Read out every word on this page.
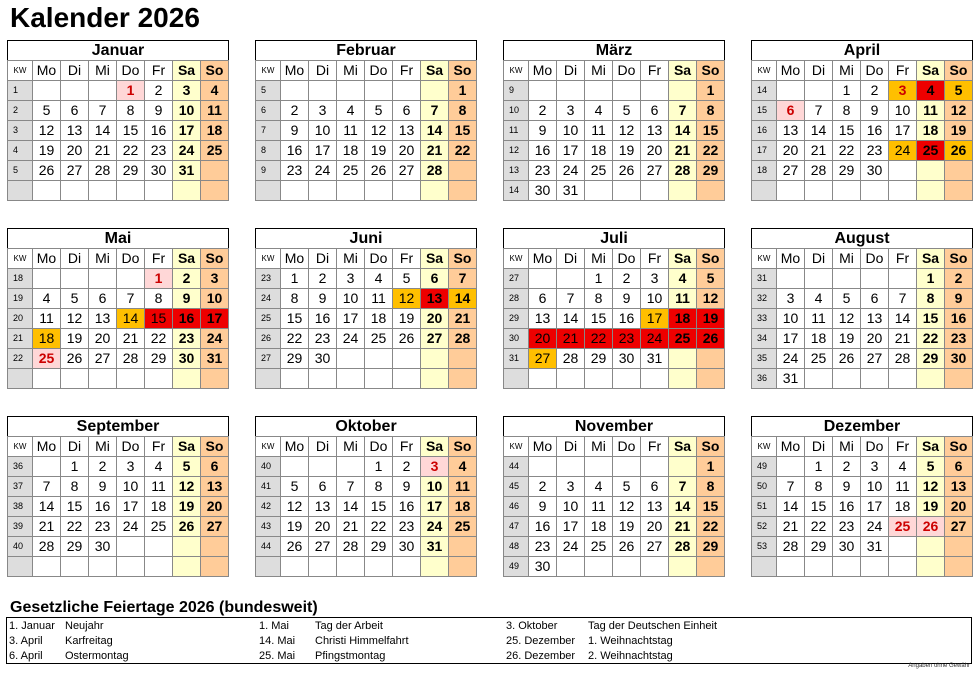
Kalender 2026
Januar
KW	Mo	Di	Mi	Do	Fr	Sa	So
1				1	2	3	4
2	5	6	7	8	9	10	11
3	12	13	14	15	16	17	18
4	19	20	21	22	23	24	25
5	26	27	28	29	30	31	

Februar
KW	Mo	Di	Mi	Do	Fr	Sa	So
5							1
6	2	3	4	5	6	7	8
7	9	10	11	12	13	14	15
8	16	17	18	19	20	21	22
9	23	24	25	26	27	28	

März
KW	Mo	Di	Mi	Do	Fr	Sa	So
9							1
10	2	3	4	5	6	7	8
11	9	10	11	12	13	14	15
12	16	17	18	19	20	21	22
13	23	24	25	26	27	28	29
14	30	31					
April
KW	Mo	Di	Mi	Do	Fr	Sa	So
14			1	2	3	4	5
15	6	7	8	9	10	11	12
16	13	14	15	16	17	18	19
17	20	21	22	23	24	25	26
18	27	28	29	30			

Mai
KW	Mo	Di	Mi	Do	Fr	Sa	So
18					1	2	3
19	4	5	6	7	8	9	10
20	11	12	13	14	15	16	17
21	18	19	20	21	22	23	24
22	25	26	27	28	29	30	31

Juni
KW	Mo	Di	Mi	Do	Fr	Sa	So
23	1	2	3	4	5	6	7
24	8	9	10	11	12	13	14
25	15	16	17	18	19	20	21
26	22	23	24	25	26	27	28
27	29	30					

Juli
KW	Mo	Di	Mi	Do	Fr	Sa	So
27			1	2	3	4	5
28	6	7	8	9	10	11	12
29	13	14	15	16	17	18	19
30	20	21	22	23	24	25	26
31	27	28	29	30	31		

August
KW	Mo	Di	Mi	Do	Fr	Sa	So
31						1	2
32	3	4	5	6	7	8	9
33	10	11	12	13	14	15	16
34	17	18	19	20	21	22	23
35	24	25	26	27	28	29	30
36	31						
September
KW	Mo	Di	Mi	Do	Fr	Sa	So
36		1	2	3	4	5	6
37	7	8	9	10	11	12	13
38	14	15	16	17	18	19	20
39	21	22	23	24	25	26	27
40	28	29	30				

Oktober
KW	Mo	Di	Mi	Do	Fr	Sa	So
40				1	2	3	4
41	5	6	7	8	9	10	11
42	12	13	14	15	16	17	18
43	19	20	21	22	23	24	25
44	26	27	28	29	30	31	

November
KW	Mo	Di	Mi	Do	Fr	Sa	So
44							1
45	2	3	4	5	6	7	8
46	9	10	11	12	13	14	15
47	16	17	18	19	20	21	22
48	23	24	25	26	27	28	29
49	30						
Dezember
KW	Mo	Di	Mi	Do	Fr	Sa	So
49		1	2	3	4	5	6
50	7	8	9	10	11	12	13
51	14	15	16	17	18	19	20
52	21	22	23	24	25	26	27
53	28	29	30	31			

Gesetzliche Feiertage 2026 (bundesweit)
1. Januar Neujahr
3. April Karfreitag
6. April Ostermontag
1. Mai Tag der Arbeit
14. Mai Christi Himmelfahrt
25. Mai Pfingstmontag
3. Oktober	Tag der Deutschen Einheit
25. Dezember 1. Weihnachtstag
26. Dezember 2. Weihnachtstag
Angaben ohne Gewähr
